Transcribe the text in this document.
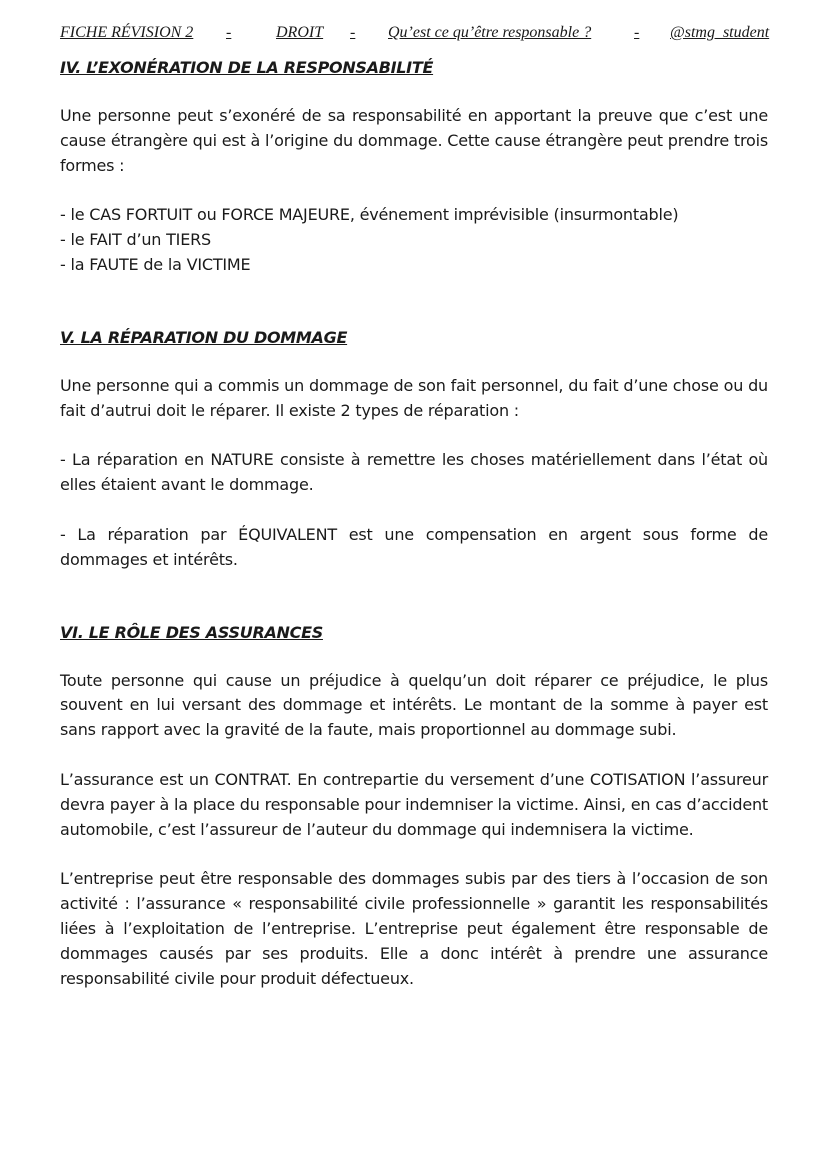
FICHE RÉVISION 2 -	DROIT - Qu’est ce qu’être responsable ?	- @stmg_student
IV. L’EXONÉRATION DE LA RESPONSABILITÉ

Une personne peut s’exonéré de sa responsabilité en apportant la preuve que c’est une cause étrangère qui est à l’origine du dommage. Cette cause étrangère peut prendre trois formes :

- le CAS FORTUIT ou FORCE MAJEURE, événement imprévisible (insurmontable)
- le FAIT d’un TIERS
- la FAUTE de la VICTIME
V. LA RÉPARATION DU DOMMAGE

Une personne qui a commis un dommage de son fait personnel, du fait d’une chose ou du fait d’autrui doit le réparer. Il existe 2 types de réparation :

- La réparation en NATURE consiste à remettre les choses matériellement dans l’état où elles étaient avant le dommage.

- La réparation par ÉQUIVALENT est une compensation en argent sous forme de dommages et intérêts.

VI. LE RÔLE DES ASSURANCES

Toute personne qui cause un préjudice à quelqu’un doit réparer ce préjudice, le plus souvent en lui versant des dommage et intérêts. Le montant de la somme à payer est sans rapport avec la gravité de la faute, mais proportionnel au dommage subi.

L’assurance est un CONTRAT. En contrepartie du versement d’une COTISATION l’assureur devra payer à la place du responsable pour indemniser la victime. Ainsi, en cas d’accident automobile, c’est l’assureur de l’auteur du dommage qui indemnisera la victime.

L’entreprise peut être responsable des dommages subis par des tiers à l’occasion de son activité : l’assurance « responsabilité civile professionnelle » garantit les responsabilités liées à l’exploitation de l’entreprise. L’entreprise peut également être responsable de dommages causés par ses produits. Elle a donc intérêt à prendre une assurance responsabilité civile pour produit défectueux.
